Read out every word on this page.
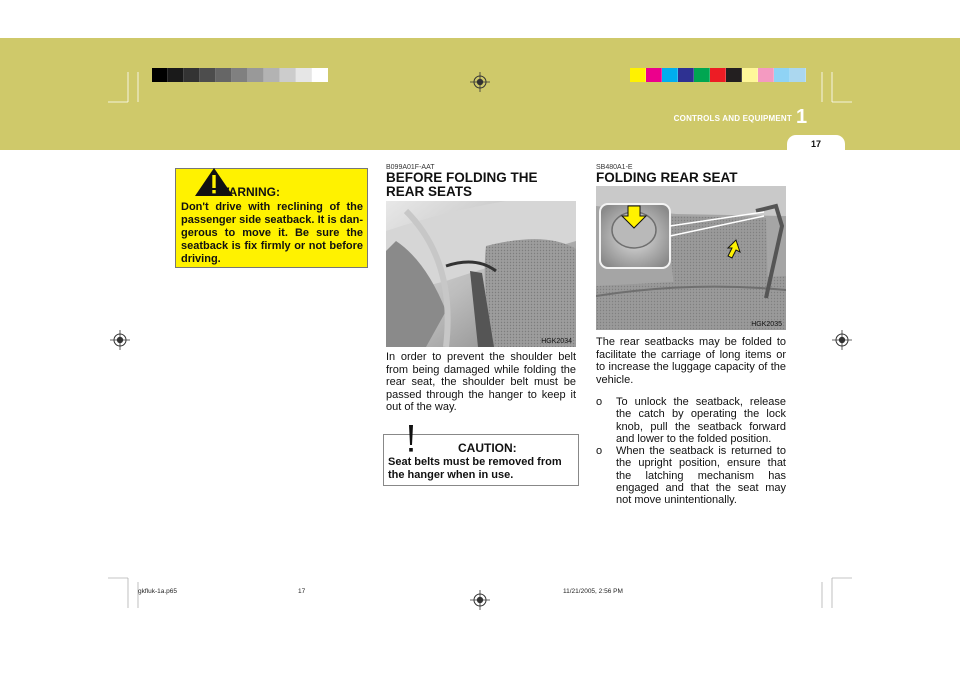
CONTROLS AND EQUIPMENT 1
17
WARNING:
Don't drive with reclining of the passenger side seatback. It is dan-gerous to move it. Be sure the seatback is fix firmly or not before driving.
B099A01F-AAT
BEFORE FOLDING THE REAR SEATS
HGK2034
In order to prevent the shoulder belt from being damaged while folding the rear seat, the shoulder belt must be passed through the hanger to keep it out of the way.
CAUTION:
Seat belts must be removed from the hanger when in use.
SB480A1-E
FOLDING REAR SEAT
HGK2035
The rear seatbacks may be folded to facilitate the carriage of long items or to increase the luggage capacity of the vehicle.
o To unlock the seatback, release the catch by operating the lock knob, pull the seatback forward and lower to the folded position.
o When the seatback is returned to the upright position, ensure that the latching mechanism has engaged and that the seat may not move unintentionally.
gkfluk-1a.p65	17	11/21/2005, 2:56 PM
